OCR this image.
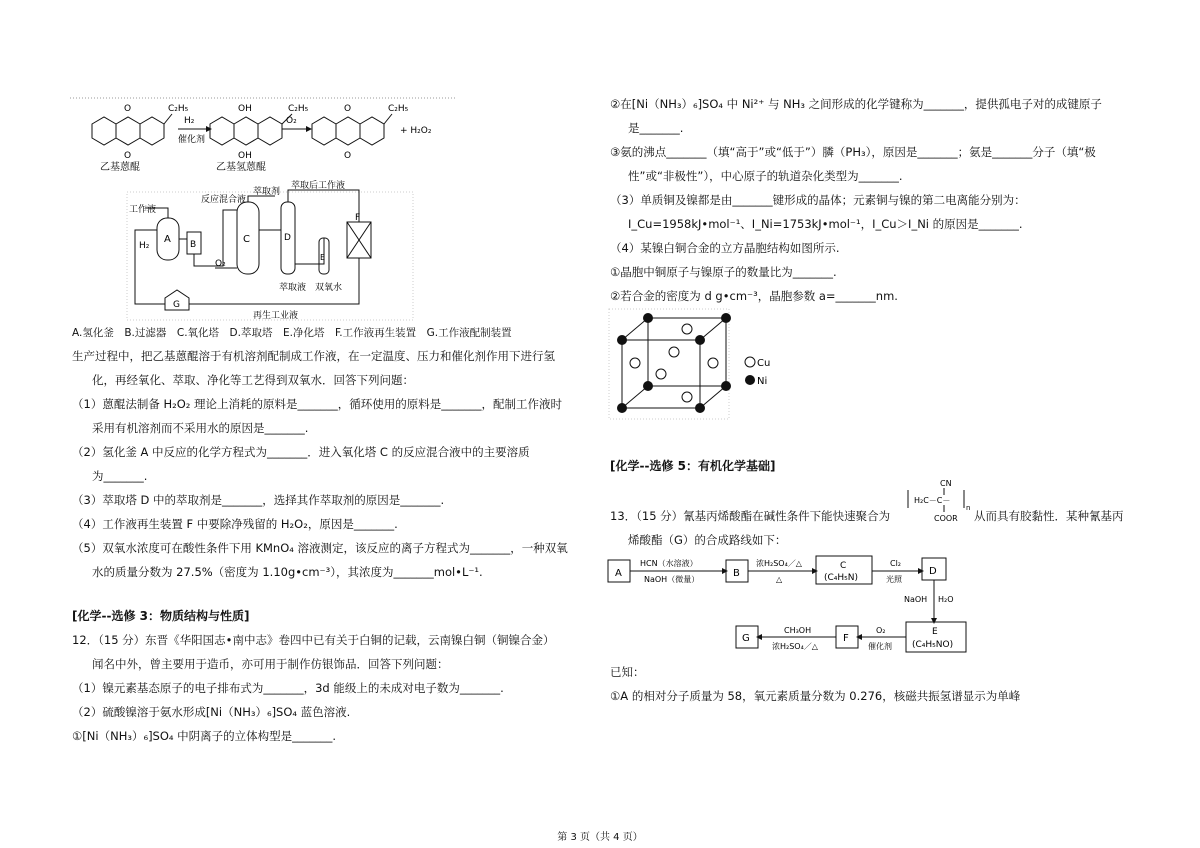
O
O
C₂H₅
乙基蒽醌
H₂
催化剂
OH
OH
C₂H₅
乙基氢蒽醌
O₂
O
O
C₂H₅
+ H₂O₂
工作液
反应混合液
萃取剂
萃取后工作液
H₂
O₂
A B	C	D
E
F
G
萃取液 双氧水
再生工业液
A.氢化釜　B.过滤器　C.氧化塔　D.萃取塔　E.净化塔　F.工作液再生装置　G.工作液配制装置
生产过程中，把乙基蒽醌溶于有机溶剂配制成工作液，在一定温度、压力和催化剂作用下进行氢
化，再经氧化、萃取、净化等工艺得到双氧水．回答下列问题：
（1）蒽醌法制备 H₂O₂ 理论上消耗的原料是_______，循环使用的原料是_______，配制工作液时
采用有机溶剂而不采用水的原因是_______.
（2）氢化釜 A 中反应的化学方程式为_______．进入氧化塔 C 的反应混合液中的主要溶质
为_______.
（3）萃取塔 D 中的萃取剂是_______，选择其作萃取剂的原因是_______.
（4）工作液再生装置 F 中要除净残留的 H₂O₂，原因是_______.
（5）双氧水浓度可在酸性条件下用 KMnO₄ 溶液测定，该反应的离子方程式为_______，一种双氧
水的质量分数为 27.5%（密度为 1.10g•cm⁻³），其浓度为_______mol•L⁻¹.
[化学--选修 3：物质结构与性质]
12．（15 分）东晋《华阳国志•南中志》卷四中已有关于白铜的记载，云南镍白铜（铜镍合金）
闻名中外，曾主要用于造币，亦可用于制作仿银饰品．回答下列问题：
（1）镍元素基态原子的电子排布式为_______，3d 能级上的未成对电子数为_______.
（2）硫酸镍溶于氨水形成[Ni（NH₃）₆]SO₄ 蓝色溶液.
①[Ni（NH₃）₆]SO₄ 中阴离子的立体构型是_______.
②在[Ni（NH₃）₆]SO₄ 中 Ni²⁺ 与 NH₃ 之间形成的化学键称为_______，提供孤电子对的成键原子
是_______.
③氨的沸点_______（填“高于”或“低于”）膦（PH₃），原因是_______；氨是_______分子（填“极
性”或“非极性”），中心原子的轨道杂化类型为_______.
（3）单质铜及镍都是由_______键形成的晶体；元素铜与镍的第二电离能分别为：
I_Cu=1958kJ•mol⁻¹、I_Ni=1753kJ•mol⁻¹，I_Cu＞I_Ni 的原因是_______.
（4）某镍白铜合金的立方晶胞结构如图所示.
①晶胞中铜原子与镍原子的数量比为_______.
②若合金的密度为 d g•cm⁻³，晶胞参数 a=_______nm.
Cu
Ni
[化学--选修 5：有机化学基础]
CN
H₂C－C－
COOR
n
13．（15 分）氰基丙烯酸酯在碱性条件下能快速聚合为	从而具有胶黏性．某种氰基丙
烯酸酯（G）的合成路线如下：
A	B
C
(C₄H₅N)
D
E
(C₄H₅NO)
F
G
HCN（水溶液）
NaOH（微量）
浓H₂SO₄／△
△
Cl₂
光照
NaOH H₂O
O₂
催化剂
CH₃OH
浓H₂SO₄／△
已知：
①A 的相对分子质量为 58，氧元素质量分数为 0.276，核磁共振氢谱显示为单峰
第 3 页（共 4 页）
